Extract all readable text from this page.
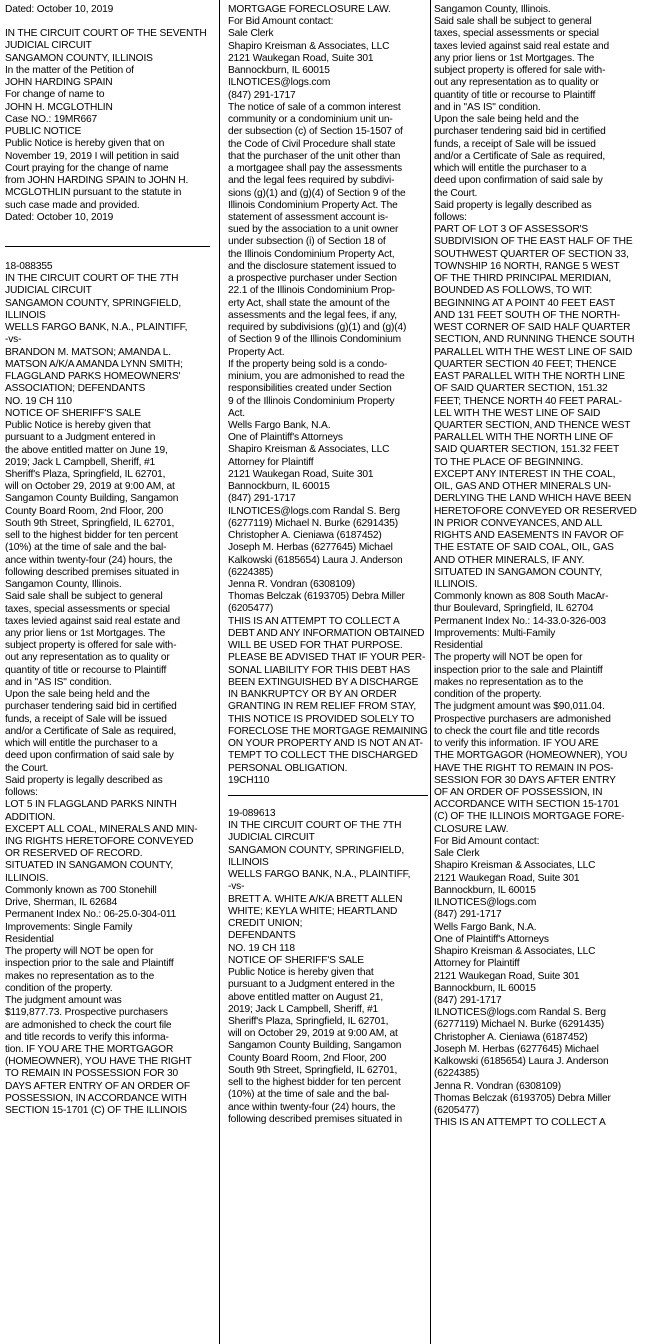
Dated: October 10, 2019
IN THE CIRCUIT COURT OF THE SEVENTH
JUDICIAL CIRCUIT
SANGAMON COUNTY, ILLINOIS
In the matter of the Petition of
JOHN HARDING SPAIN
For change of name to
JOHN H. MCGLOTHLIN
Case NO.: 19MR667
PUBLIC NOTICE
Public Notice is hereby given that on
November 19, 2019 I will petition in said
Court praying for the change of name
from JOHN HARDING SPAIN to JOHN H.
MCGLOTHLIN pursuant to the statute in
such case made and provided.
Dated: October 10, 2019
18-088355
IN THE CIRCUIT COURT OF THE 7TH
JUDICIAL CIRCUIT
SANGAMON COUNTY, SPRINGFIELD,
ILLINOIS
WELLS FARGO BANK, N.A., PLAINTIFF,
-vs-
BRANDON M. MATSON; AMANDA L.
MATSON A/K/A AMANDA LYNN SMITH;
FLAGGLAND PARKS HOMEOWNERS'
ASSOCIATION; DEFENDANTS
NO. 19 CH 110
NOTICE OF SHERIFF'S SALE
Public Notice is hereby given that
pursuant to a Judgment entered in
the above entitled matter on June 19,
2019; Jack L Campbell, Sheriff, #1
Sheriff's Plaza, Springfield, IL 62701,
will on October 29, 2019 at 9:00 AM, at
Sangamon County Building, Sangamon
County Board Room, 2nd Floor, 200
South 9th Street, Springfield, IL 62701,
sell to the highest bidder for ten percent
(10%) at the time of sale and the bal-
ance within twenty-four (24) hours, the
following described premises situated in
Sangamon County, Illinois.
Said sale shall be subject to general
taxes, special assessments or special
taxes levied against said real estate and
any prior liens or 1st Mortgages. The
subject property is offered for sale with-
out any representation as to quality or
quantity of title or recourse to Plaintiff
and in "AS IS" condition.
Upon the sale being held and the
purchaser tendering said bid in certified
funds, a receipt of Sale will be issued
and/or a Certificate of Sale as required,
which will entitle the purchaser to a
deed upon confirmation of said sale by
the Court.
Said property is legally described as
follows:
LOT 5 IN FLAGGLAND PARKS NINTH
ADDITION.
EXCEPT ALL COAL, MINERALS AND MIN-
ING RIGHTS HERETOFORE CONVEYED
OR RESERVED OF RECORD.
SITUATED IN SANGAMON COUNTY,
ILLINOIS.
Commonly known as 700 Stonehill
Drive, Sherman, IL 62684
Permanent Index No.: 06-25.0-304-011
Improvements: Single Family
Residential
The property will NOT be open for
inspection prior to the sale and Plaintiff
makes no representation as to the
condition of the property.
The judgment amount was
$119,877.73. Prospective purchasers
are admonished to check the court file
and title records to verify this informa-
tion. IF YOU ARE THE MORTGAGOR
(HOMEOWNER), YOU HAVE THE RIGHT
TO REMAIN IN POSSESSION FOR 30
DAYS AFTER ENTRY OF AN ORDER OF
POSSESSION, IN ACCORDANCE WITH
SECTION 15-1701 (C) OF THE ILLINOIS
MORTGAGE FORECLOSURE LAW.
For Bid Amount contact:
Sale Clerk
Shapiro Kreisman & Associates, LLC
2121 Waukegan Road, Suite 301
Bannockburn, IL 60015
ILNOTICES@logs.com
(847) 291-1717
The notice of sale of a common interest
community or a condominium unit un-
der subsection (c) of Section 15-1507 of
the Code of Civil Procedure shall state
that the purchaser of the unit other than
a mortgagee shall pay the assessments
and the legal fees required by subdivi-
sions (g)(1) and (g)(4) of Section 9 of the
Illinois Condominium Property Act. The
statement of assessment account is-
sued by the association to a unit owner
under subsection (i) of Section 18 of
the Illinois Condominium Property Act,
and the disclosure statement issued to
a prospective purchaser under Section
22.1 of the Illinois Condominium Prop-
erty Act, shall state the amount of the
assessments and the legal fees, if any,
required by subdivisions (g)(1) and (g)(4)
of Section 9 of the Illinois Condominium
Property Act.
If the property being sold is a condo-
minium, you are admonished to read the
responsibilities created under Section
9 of the Illinois Condominium Property
Act.
Wells Fargo Bank, N.A.
One of Plaintiff's Attorneys
Shapiro Kreisman & Associates, LLC
Attorney for Plaintiff
2121 Waukegan Road, Suite 301
Bannockburn, IL 60015
(847) 291-1717
ILNOTICES@logs.com Randal S. Berg
(6277119) Michael N. Burke (6291435)
Christopher A. Cieniawa (6187452)
Joseph M. Herbas (6277645) Michael
Kalkowski (6185654) Laura J. Anderson
(6224385)
Jenna R. Vondran (6308109)
Thomas Belczak (6193705) Debra Miller
(6205477)
THIS IS AN ATTEMPT TO COLLECT A
DEBT AND ANY INFORMATION OBTAINED
WILL BE USED FOR THAT PURPOSE.
PLEASE BE ADVISED THAT IF YOUR PER-
SONAL LIABILITY FOR THIS DEBT HAS
BEEN EXTINGUISHED BY A DISCHARGE
IN BANKRUPTCY OR BY AN ORDER
GRANTING IN REM RELIEF FROM STAY,
THIS NOTICE IS PROVIDED SOLELY TO
FORECLOSE THE MORTGAGE REMAINING
ON YOUR PROPERTY AND IS NOT AN AT-
TEMPT TO COLLECT THE DISCHARGED
PERSONAL OBLIGATION.
19CH110
19-089613
IN THE CIRCUIT COURT OF THE 7TH
JUDICIAL CIRCUIT
SANGAMON COUNTY, SPRINGFIELD,
ILLINOIS
WELLS FARGO BANK, N.A., PLAINTIFF,
-vs-
BRETT A. WHITE A/K/A BRETT ALLEN
WHITE; KEYLA WHITE; HEARTLAND
CREDIT UNION;
DEFENDANTS
NO. 19 CH 118
NOTICE OF SHERIFF'S SALE
Public Notice is hereby given that
pursuant to a Judgment entered in the
above entitled matter on August 21,
2019; Jack L Campbell, Sheriff, #1
Sheriff's Plaza, Springfield, IL 62701,
will on October 29, 2019 at 9:00 AM, at
Sangamon County Building, Sangamon
County Board Room, 2nd Floor, 200
South 9th Street, Springfield, IL 62701,
sell to the highest bidder for ten percent
(10%) at the time of sale and the bal-
ance within twenty-four (24) hours, the
following described premises situated in
Sangamon County, Illinois.
Said sale shall be subject to general
taxes, special assessments or special
taxes levied against said real estate and
any prior liens or 1st Mortgages. The
subject property is offered for sale with-
out any representation as to quality or
quantity of title or recourse to Plaintiff
and in "AS IS" condition.
Upon the sale being held and the
purchaser tendering said bid in certified
funds, a receipt of Sale will be issued
and/or a Certificate of Sale as required,
which will entitle the purchaser to a
deed upon confirmation of said sale by
the Court.
Said property is legally described as
follows:
PART OF LOT 3 OF ASSESSOR'S
SUBDIVISION OF THE EAST HALF OF THE
SOUTHWEST QUARTER OF SECTION 33,
TOWNSHIP 16 NORTH, RANGE 5 WEST
OF THE THIRD PRINCIPAL MERIDIAN,
BOUNDED AS FOLLOWS, TO WIT:
BEGINNING AT A POINT 40 FEET EAST
AND 131 FEET SOUTH OF THE NORTH-
WEST CORNER OF SAID HALF QUARTER
SECTION, AND RUNNING THENCE SOUTH
PARALLEL WITH THE WEST LINE OF SAID
QUARTER SECTION 40 FEET; THENCE
EAST PARALLEL WITH THE NORTH LINE
OF SAID QUARTER SECTION, 151.32
FEET; THENCE NORTH 40 FEET PARAL-
LEL WITH THE WEST LINE OF SAID
QUARTER SECTION, AND THENCE WEST
PARALLEL WITH THE NORTH LINE OF
SAID QUARTER SECTION, 151.32 FEET
TO THE PLACE OF BEGINNING.
EXCEPT ANY INTEREST IN THE COAL,
OIL, GAS AND OTHER MINERALS UN-
DERLYING THE LAND WHICH HAVE BEEN
HERETOFORE CONVEYED OR RESERVED
IN PRIOR CONVEYANCES, AND ALL
RIGHTS AND EASEMENTS IN FAVOR OF
THE ESTATE OF SAID COAL, OIL, GAS
AND OTHER MINERALS, IF ANY.
SITUATED IN SANGAMON COUNTY,
ILLINOIS.
Commonly known as 808 South MacAr-
thur Boulevard, Springfield, IL 62704
Permanent Index No.: 14-33.0-326-003
Improvements: Multi-Family
Residential
The property will NOT be open for
inspection prior to the sale and Plaintiff
makes no representation as to the
condition of the property.
The judgment amount was $90,011.04.
Prospective purchasers are admonished
to check the court file and title records
to verify this information. IF YOU ARE
THE MORTGAGOR (HOMEOWNER), YOU
HAVE THE RIGHT TO REMAIN IN POS-
SESSION FOR 30 DAYS AFTER ENTRY
OF AN ORDER OF POSSESSION, IN
ACCORDANCE WITH SECTION 15-1701
(C) OF THE ILLINOIS MORTGAGE FORE-
CLOSURE LAW.
For Bid Amount contact:
Sale Clerk
Shapiro Kreisman & Associates, LLC
2121 Waukegan Road, Suite 301
Bannockburn, IL 60015
ILNOTICES@logs.com
(847) 291-1717
Wells Fargo Bank, N.A.
One of Plaintiff's Attorneys
Shapiro Kreisman & Associates, LLC
Attorney for Plaintiff
2121 Waukegan Road, Suite 301
Bannockburn, IL 60015
(847) 291-1717
ILNOTICES@logs.com Randal S. Berg
(6277119) Michael N. Burke (6291435)
Christopher A. Cieniawa (6187452)
Joseph M. Herbas (6277645) Michael
Kalkowski (6185654) Laura J. Anderson
(6224385)
Jenna R. Vondran (6308109)
Thomas Belczak (6193705) Debra Miller
(6205477)
THIS IS AN ATTEMPT TO COLLECT A
